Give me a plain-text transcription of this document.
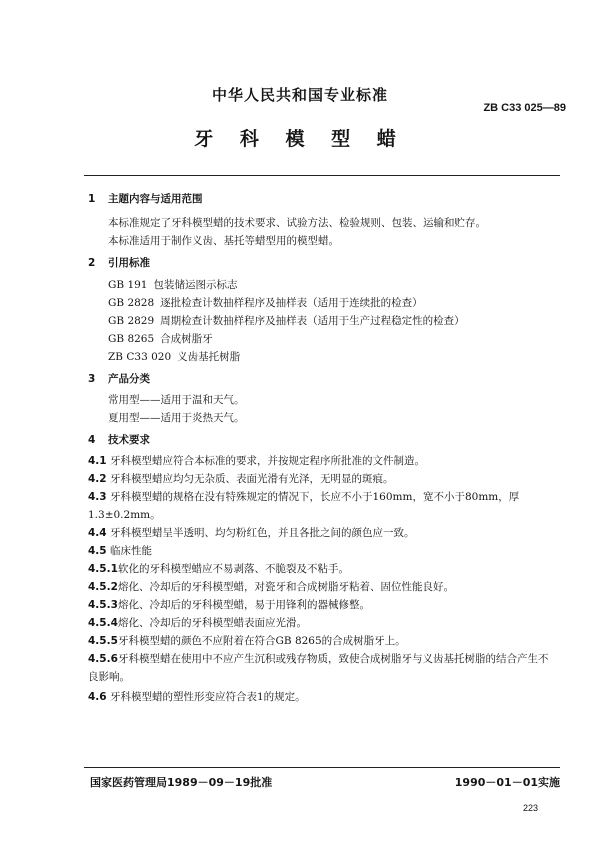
中华人民共和国专业标准
ZB C33 025—89
牙 科 模 型 蜡
1 主题内容与适用范围
本标准规定了牙科模型蜡的技术要求、试验方法、检验规则、包装、运输和贮存。
本标准适用于制作义齿、基托等蜡型用的模型蜡。
2 引用标准
GB 191 包装储运图示标志
GB 2828 逐批检查计数抽样程序及抽样表（适用于连续批的检查）
GB 2829 周期检查计数抽样程序及抽样表（适用于生产过程稳定性的检查）
GB 8265 合成树脂牙
ZB C33 020 义齿基托树脂
3 产品分类
常用型——适用于温和天气。
夏用型——适用于炎热天气。
4 技术要求
4.1 牙科模型蜡应符合本标准的要求，并按规定程序所批准的文件制造。
4.2 牙科模型蜡应均匀无杂质、表面光滑有光泽，无明显的斑痕。
4.3 牙科模型蜡的规格在没有特殊规定的情况下，长应不小于160mm，宽不小于80mm，厚
1.3±0.2mm。
4.4 牙科模型蜡呈半透明、均匀粉红色，并且各批之间的颜色应一致。
4.5 临床性能
4.5.1软化的牙科模型蜡应不易剥落、不脆裂及不粘手。
4.5.2熔化、冷却后的牙科模型蜡，对瓷牙和合成树脂牙粘着、固位性能良好。
4.5.3熔化、冷却后的牙科模型蜡，易于用锋利的器械修整。
4.5.4熔化、冷却后的牙科模型蜡表面应光滑。
4.5.5牙科模型蜡的颜色不应附着在符合GB 8265的合成树脂牙上。
4.5.6牙科模型蜡在使用中不应产生沉积或残存物质，致使合成树脂牙与义齿基托树脂的结合产生不
良影响。
4.6 牙科模型蜡的塑性形变应符合表1的规定。
国家医药管理局1989－09－19批准	1990－01－01实施
223
